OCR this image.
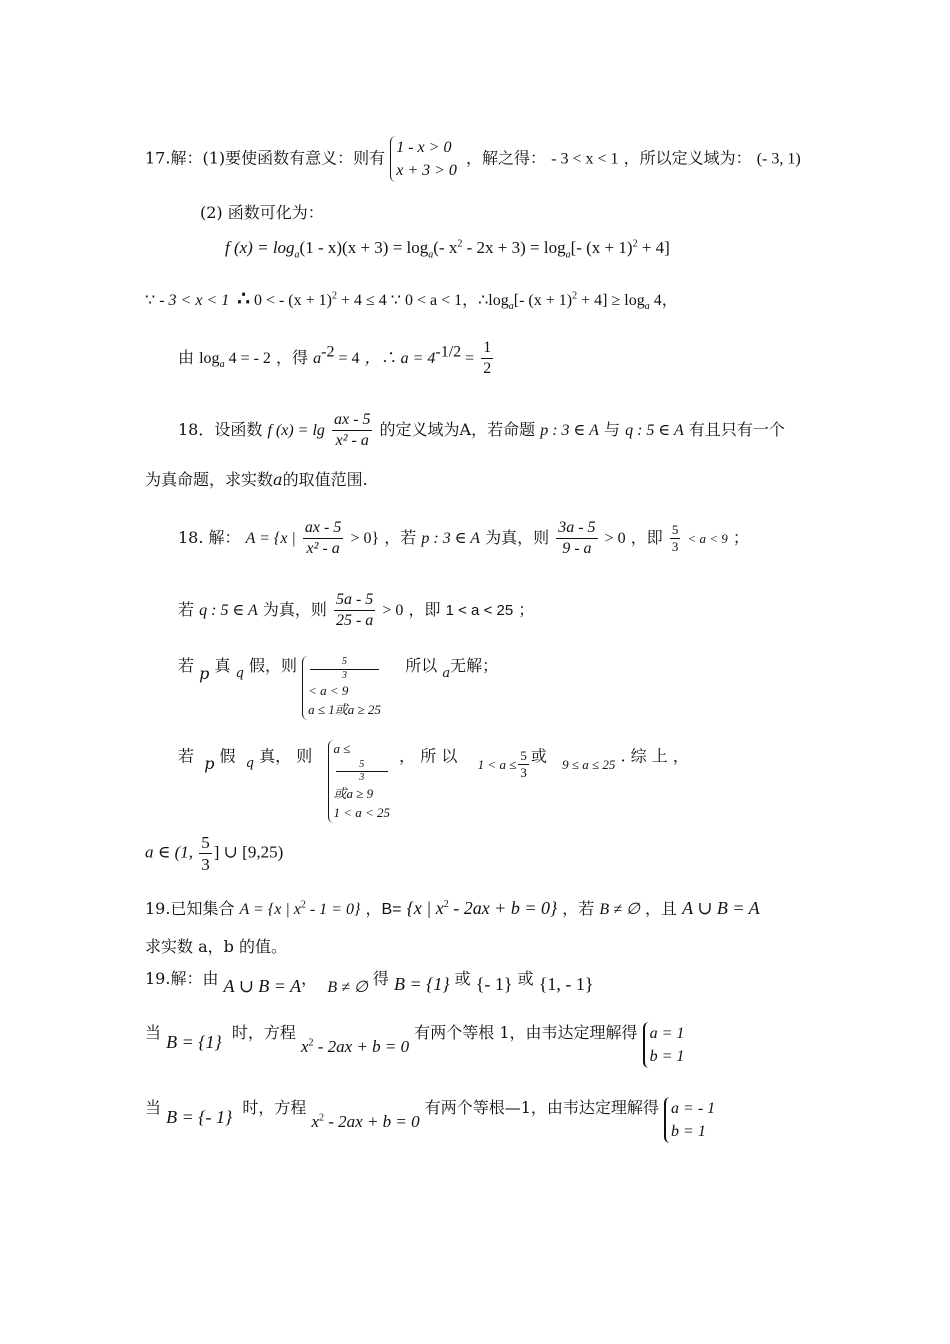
17.解：(1)要使函数有意义：则有
1 - x > 0
x + 3 > 0
，解之得： - 3 < x < 1 ，所以定义域为： (- 3, 1)
(2) 函数可化为：
f $(x) = \log_a(1 - x)(x + 3) = \log_a(-$ $x^2 - 2x + 3) = \log_a[-$ $(x + 1)^2 + 4$]
∵ - 3 < x < 1 ∴ 0 < - $(x + 1)^2 + 4 \le 4$ ∵ 0 < a < 1，$\therefore\log_a[-$ $(x + 1)^2 + 4] \ge \log_a 4$，
由 $\log_a 4$ = - 2 ，得 $a^{-2} = 4$ ，∴ $a = 4^{-1/2} = \frac{1}{2}$
18．设函数 f $(x) = \lg \frac{ax - 5}{\text{x² - a}}$ 的定义域为A，若命题 p : 3 ∈ A 与 q : 5 ∈ A 有且只有一个
为真命题，求实数a的取值范围.
18. 解： A = {x | $\frac{ax - 5}{\text{x² - a}} > 0$} ，若 p : 3 ∈ A 为真，则 $\frac{3a - 5}{9 - a} > 0$ ，即 $\frac{5}{3} < a < 9$ ；
若 q : 5 ∈ A 为真，则 $\frac{5a - 5}{25 - a} > 0$ ，即 1 < a < 25 ；
若 p 真 $_q$ 假，则	5
3
< a < 9
a ≤ 1或a ≥ 25
所以 $_a$无解；
若 p 假 $_q$ 真， 则 a ≤
5
3
或a ≥ 9
1 < a < 25
， 所 以 $_{1 < a \le} \frac{5}{3}$ 或 $_{9 \le a \le 25}$ . 综 上 ，
a ∈ (1, $\frac{5}{3}$ ] ∪ [9,25)
19.已知集合 A = {x | $x^2 - 1 = 0$} ，B= {x | $x^2 - 2ax + b = 0$} ，若 B ≠ ∅ ，且 A ∪ B = A
求实数 a，b 的值。
19.解：由 A ∪ B = A， B ≠ ∅ 得 B = {1} 或 {- 1} 或 {1, - 1}
当 B = {1} 时，方程 $x^2 - 2ax + b = 0$ 有两个等根 1，由韦达定理解得 a = 1
b = 1
当 B = {- 1} 时，方程 $x^2 - 2ax + b = 0$ 有两个等根—1，由韦达定理解得 a = - 1
b = 1
